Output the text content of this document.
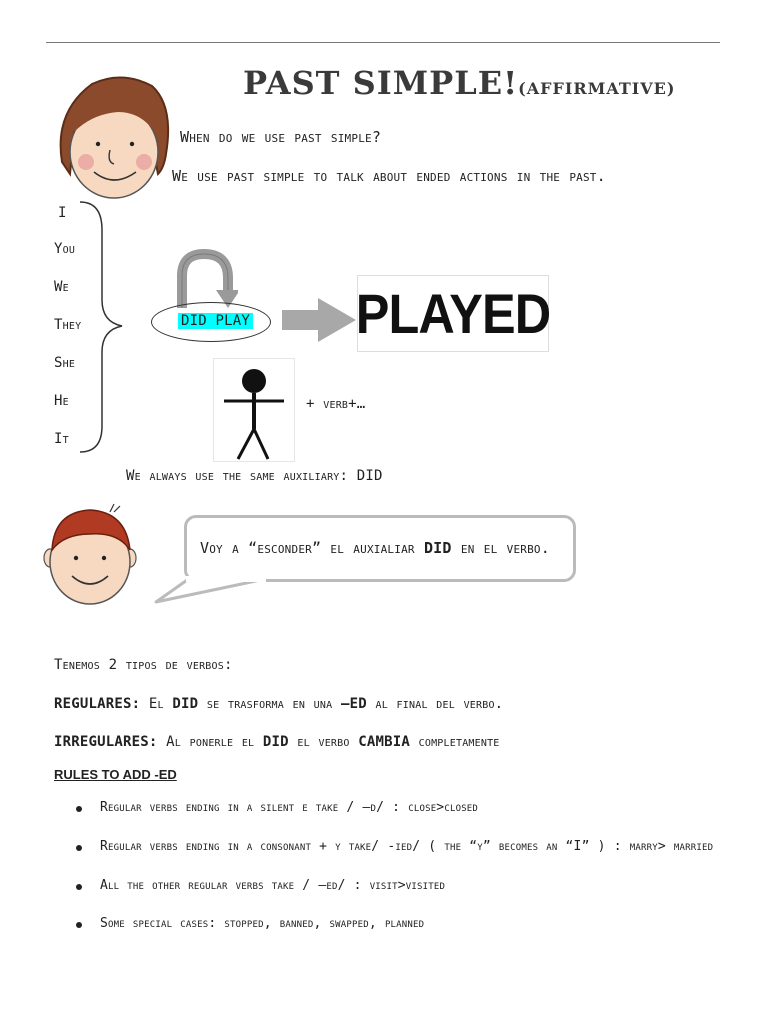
PAST SIMPLE!(AFFIRMATIVE)
When do we use past simple?
We use past simple to talk about ended actions in the past.
I
You
We
They
She
He
It
DID PLAY PLAYED
+ verb+…
We always use the same auxiliary: DID
Voy a “esconder” el auxialiar DID en el verbo.
Tenemos 2 tipos de verbos:
REGULARES: El DID se trasforma en una –ED al final del verbo.
IRREGULARES: Al ponerle el DID el verbo CAMBIA completamente
RULES TO ADD -ED
Regular verbs ending in a silent e take / –d/ : close>closed
Regular verbs ending in a consonant + y take/ -ied/ ( the “y” becomes an “I” ) : marry> married
All the other regular verbs take / –ed/ : visit>visited
Some special cases: stopped, banned, swapped, planned
